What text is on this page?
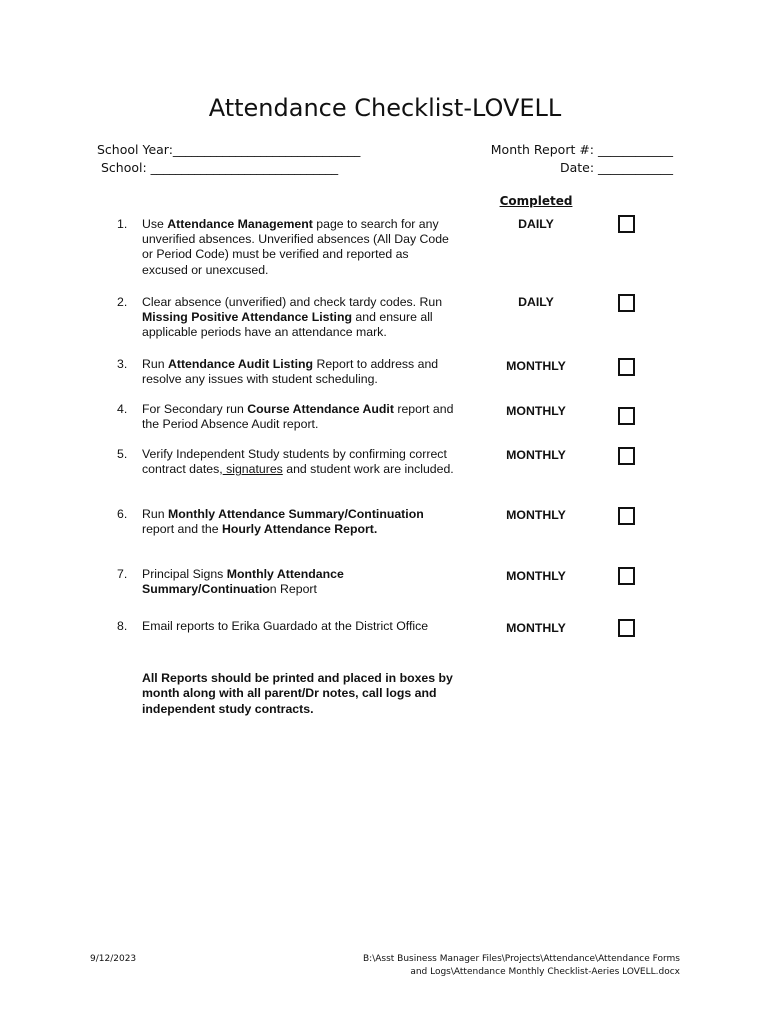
Attendance Checklist-LOVELL
School Year:______________________________
School: ______________________________
Month Report #: ____________
Date: ____________
Completed
1.	Use Attendance Management page to search for any unverified absences. Unverified absences (All Day Code or Period Code) must be verified and reported as excused or unexcused.
DAILY
2.	Clear absence (unverified) and check tardy codes. Run Missing Positive Attendance Listing and ensure all applicable periods have an attendance mark.
DAILY
3.	Run Attendance Audit Listing Report to address and resolve any issues with student scheduling.
MONTHLY
4.	For Secondary run Course Attendance Audit report and the Period Absence Audit report.
MONTHLY
5.	Verify Independent Study students by confirming correct contract dates, signatures and student work are included.
MONTHLY
6.	Run Monthly Attendance Summary/Continuation report and the Hourly Attendance Report.
MONTHLY
7.	Principal Signs Monthly Attendance Summary/Continuation Report
MONTHLY
8.	Email reports to Erika Guardado at the District Office	MONTHLY
All Reports should be printed and placed in boxes by month along with all parent/Dr notes, call logs and independent study contracts.
9/12/2023	B:\Asst Business Manager Files\Projects\Attendance\Attendance Forms
and Logs\Attendance Monthly Checklist-Aeries LOVELL.docx
